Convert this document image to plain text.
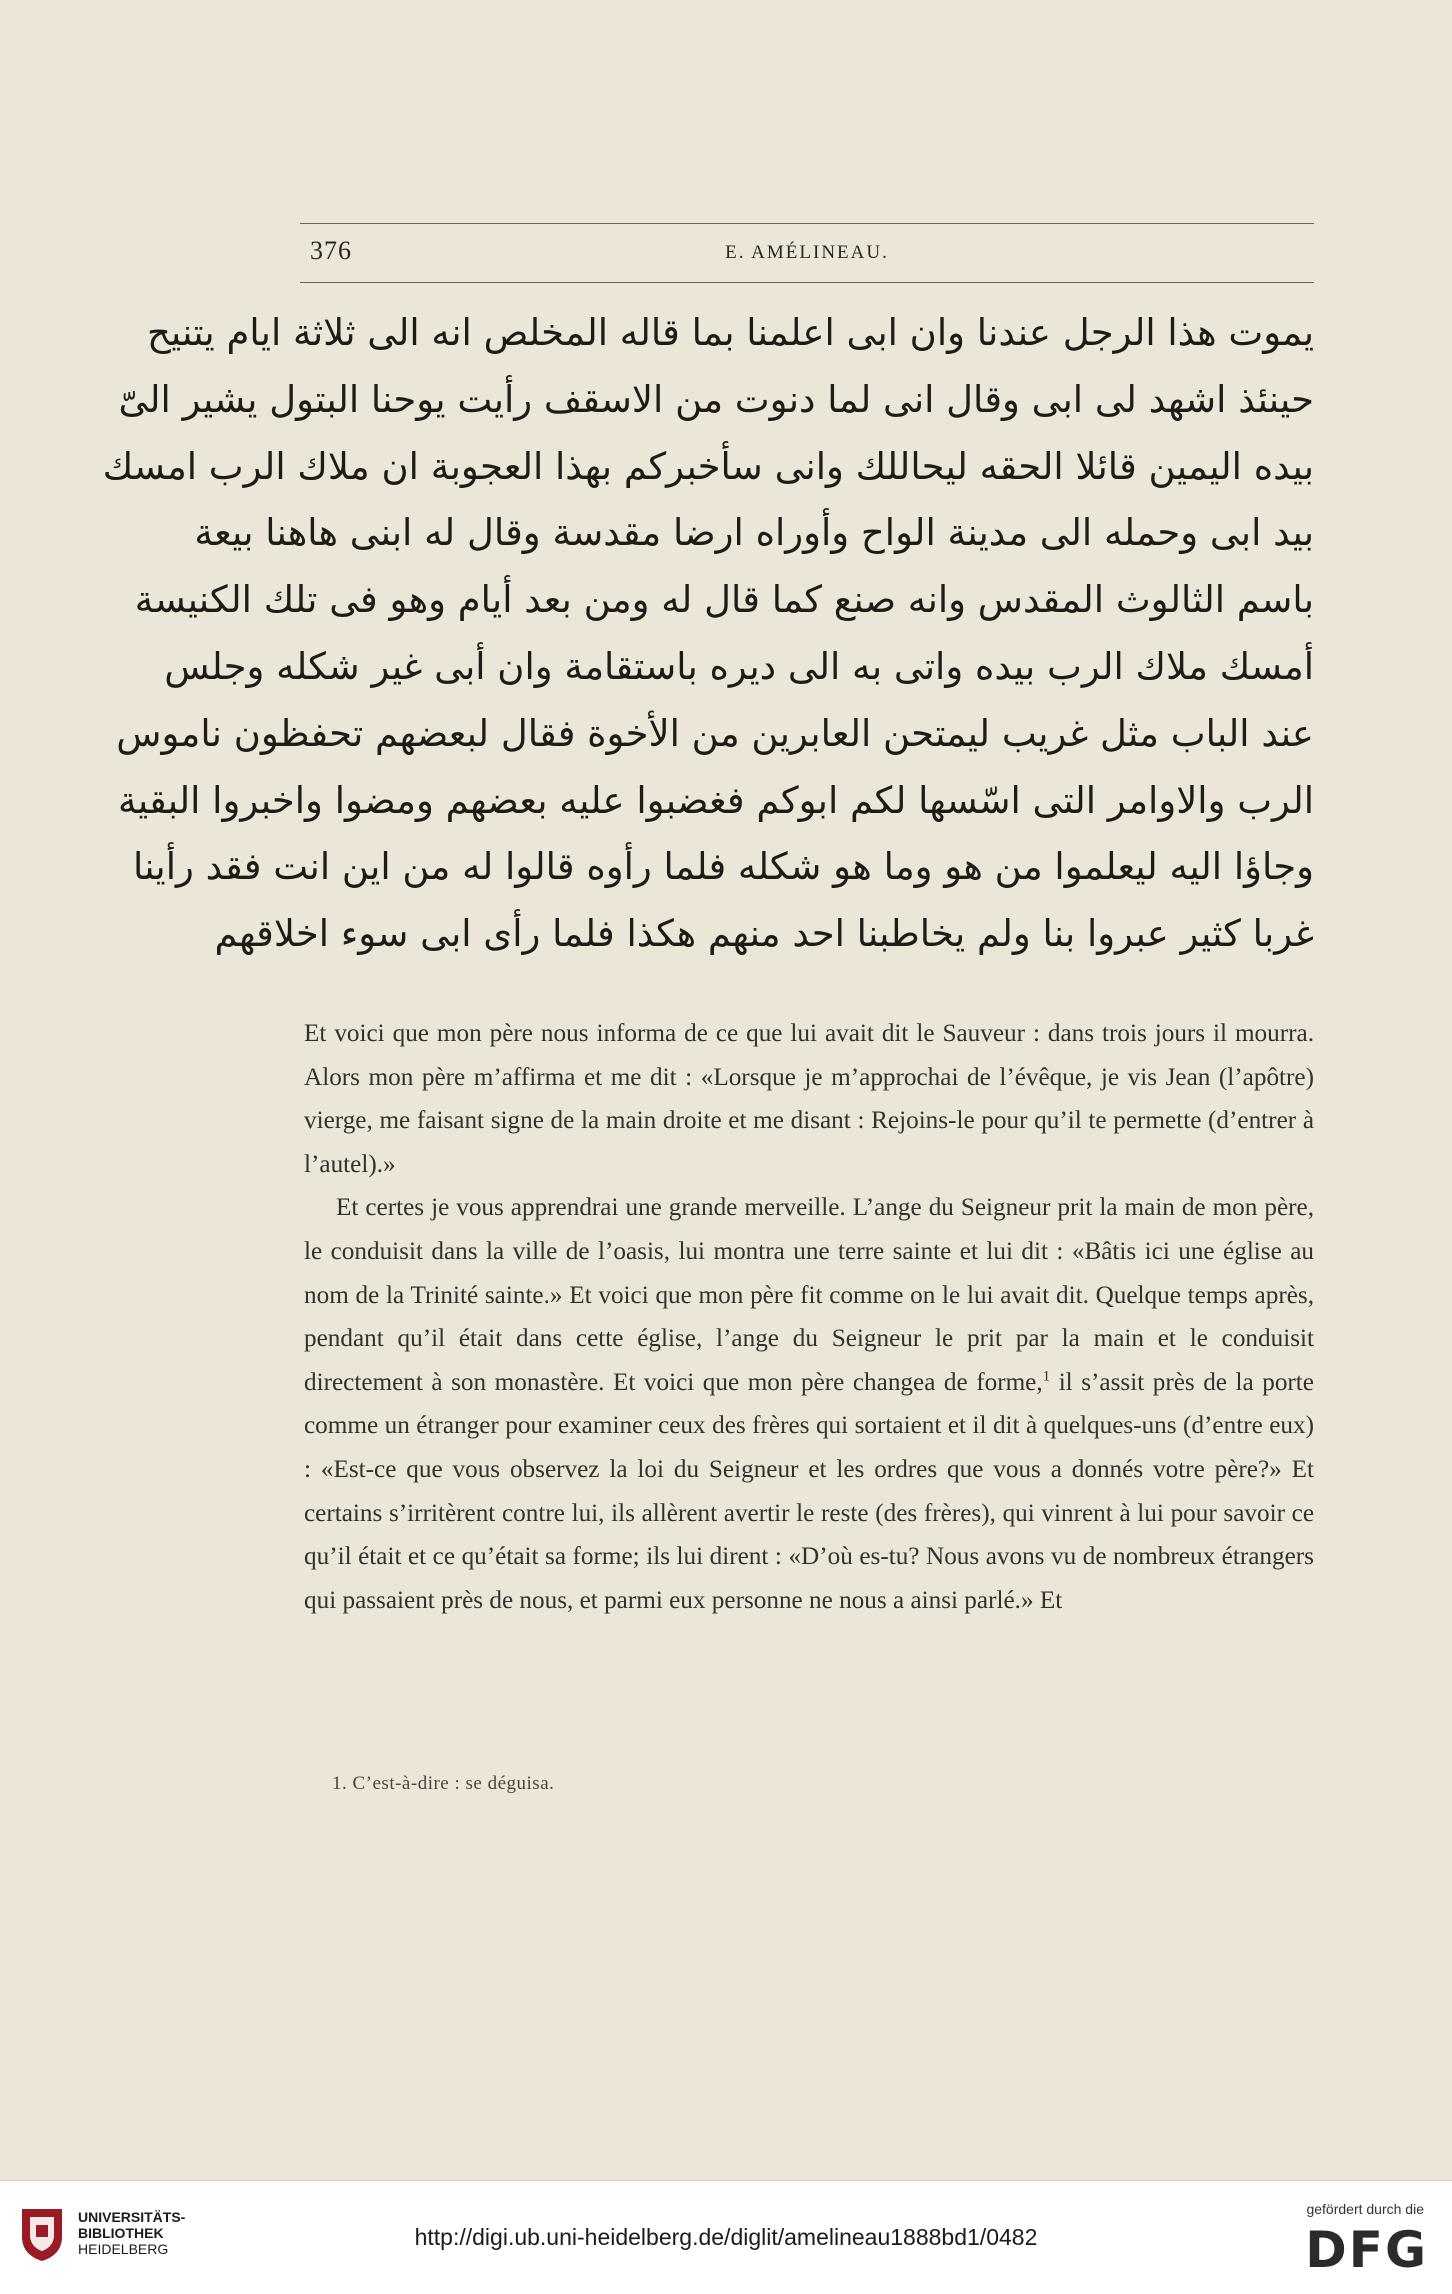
376	E. AMÉLINEAU.
يموت هذا الرجل عندنا وان ابى اعلمنا بما قاله المخلص انه الى ثلاثة ايام يتنيح
حينئذ اشهد لى ابى وقال انى لما دنوت من الاسقف رأيت يوحنا البتول يشير الىّ
بيده اليمين قائلا الحقه ليحاللك وانى سأخبركم بهذا العجوبة ان ملاك الرب امسك
بيد ابى وحمله الى مدينة الواح وأوراه ارضا مقدسة وقال له ابنى هاهنا بيعة
باسم الثالوث المقدس وانه صنع كما قال له ومن بعد أيام وهو فى تلك الكنيسة
أمسك ملاك الرب بيده واتى به الى ديره باستقامة وان أبى غير شكله وجلس
عند الباب مثل غريب ليمتحن العابرين من الأخوة فقال لبعضهم تحفظون ناموس
الرب والاوامر التى اسّسها لكم ابوكم فغضبوا عليه بعضهم ومضوا واخبروا البقية
وجاؤا اليه ليعلموا من هو وما هو شكله فلما رأوه قالوا له من اين انت فقد رأينا
غربا كثير عبروا بنا ولم يخاطبنا احد منهم هكذا فلما رأى ابى سوء اخلاقهم

Et voici que mon père nous informa de ce que lui avait dit le Sauveur : dans trois jours il mourra. Alors mon père m’affirma et me dit : «Lorsque je m’approchai de l’évêque, je vis Jean (l’apôtre) vierge, me faisant signe de la main droite et me disant : Rejoins-le pour qu’il te permette (d’entrer à l’autel).»

Et certes je vous apprendrai une grande merveille. L’ange du Seigneur prit la main de mon père, le conduisit dans la ville de l’oasis, lui montra une terre sainte et lui dit : «Bâtis ici une église au nom de la Trinité sainte.» Et voici que mon père fit comme on le lui avait dit. Quelque temps après, pendant qu’il était dans cette église, l’ange du Seigneur le prit par la main et le conduisit directement à son monastère. Et voici que mon père changea de forme,$^1$ il s’assit près de la porte comme un étranger pour examiner ceux des frères qui sortaient et il dit à quelques-uns (d’entre eux) : «Est-ce que vous observez la loi du Seigneur et les ordres que vous a donnés votre père?» Et certains s’irritèrent contre lui, ils allèrent avertir le reste (des frères), qui vinrent à lui pour savoir ce qu’il était et ce qu’était sa forme; ils lui dirent : «D’où es-tu? Nous avons vu de nombreux étrangers qui passaient près de nous, et parmi eux personne ne nous a ainsi parlé.» Et

1. C’est-à-dire : se déguisa.
UNIVERSITÄTS-
BIBLIOTHEK
HEIDELBERG	http://digi.ub.uni-heidelberg.de/diglit/amelineau1888bd1/0482
gefördert durch die
DFG
